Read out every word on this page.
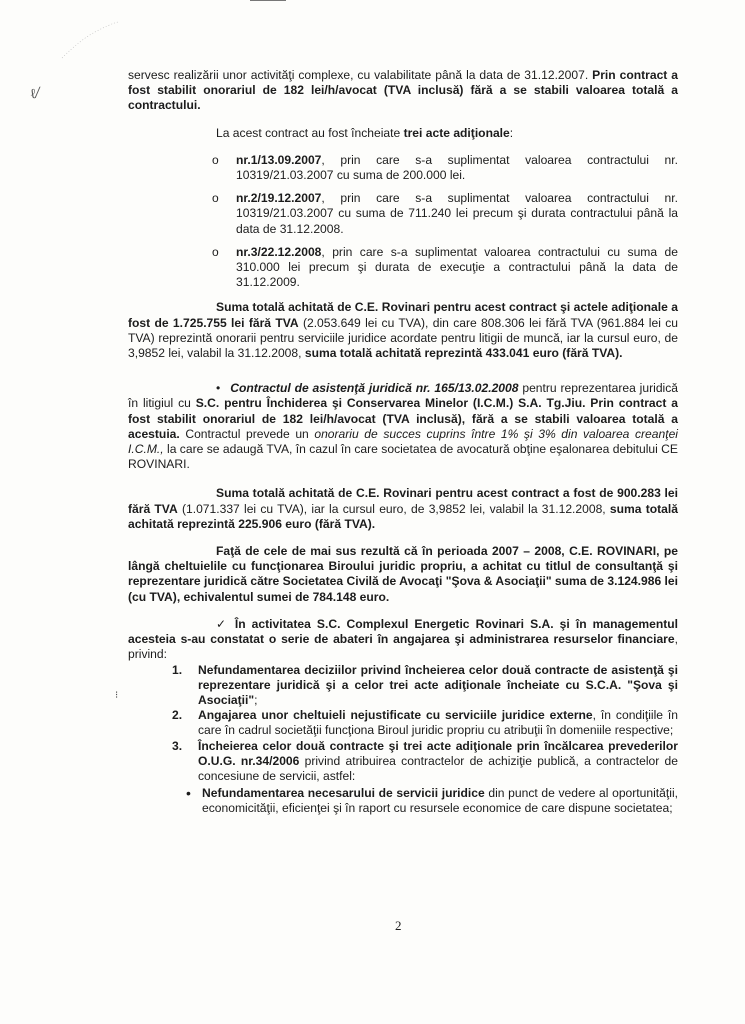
ℓ⁄
⁝

servesc realizării unor activităţi complexe, cu valabilitate până la data de 31.12.2007. Prin contract a fost stabilit onorariul de 182 lei/h/avocat (TVA inclusă) fără a se stabili valoarea totală a contractului.

La acest contract au fost încheiate trei acte adiţionale:

o	nr.1/13.09.2007, prin care s-a suplimentat valoarea contractului nr. 10319/21.03.2007 cu suma de 200.000 lei.
o	nr.2/19.12.2007, prin care s-a suplimentat valoarea contractului nr. 10319/21.03.2007 cu suma de 711.240 lei precum şi durata contractului până la data de 31.12.2008.
o	nr.3/22.12.2008, prin care s-a suplimentat valoarea contractului cu suma de 310.000 lei precum şi durata de execuţie a contractului până la data de 31.12.2009.

Suma totală achitată de C.E. Rovinari pentru acest contract şi actele adiţionale a fost de 1.725.755 lei fără TVA (2.053.649 lei cu TVA), din care 808.306 lei fără TVA (961.884 lei cu TVA) reprezintă onorarii pentru serviciile juridice acordate pentru litigii de muncă, iar la cursul euro, de 3,9852 lei, valabil la 31.12.2008, suma totală achitată reprezintă 433.041 euro (fără TVA).

• Contractul de asistenţă juridică nr. 165/13.02.2008 pentru reprezentarea juridică în litigiul cu S.C. pentru Închiderea şi Conservarea Minelor (I.C.M.) S.A. Tg.Jiu. Prin contract a fost stabilit onorariul de 182 lei/h/avocat (TVA inclusă), fără a se stabili valoarea totală a acestuia. Contractul prevede un onorariu de succes cuprins între 1% şi 3% din valoarea creanţei I.C.M., la care se adaugă TVA, în cazul în care societatea de avocatură obţine eşalonarea debitului CE ROVINARI.

Suma totală achitată de C.E. Rovinari pentru acest contract a fost de 900.283 lei fără TVA (1.071.337 lei cu TVA), iar la cursul euro, de 3,9852 lei, valabil la 31.12.2008, suma totală achitată reprezintă 225.906 euro (fără TVA).

Faţă de cele de mai sus rezultă că în perioada 2007 – 2008, C.E. ROVINARI, pe lângă cheltuielile cu funcţionarea Biroului juridic propriu, a achitat cu titlul de consultanţă şi reprezentare juridică către Societatea Civilă de Avocaţi "Şova & Asociaţii" suma de 3.124.986 lei (cu TVA), echivalentul sumei de 784.148 euro.

✓ În activitatea S.C. Complexul Energetic Rovinari S.A. şi în managementul acesteia s-au constatat o serie de abateri în angajarea şi administrarea resurselor financiare, privind:

1.	Nefundamentarea deciziilor privind încheierea celor două contracte de asistenţă şi reprezentare juridică şi a celor trei acte adiţionale încheiate cu S.C.A. "Şova şi Asociaţii";
2.	Angajarea unor cheltuieli nejustificate cu serviciile juridice externe, în condiţiile în care în cadrul societăţii funcţiona Biroul juridic propriu cu atribuţii în domeniile respective;
3.	Încheierea celor două contracte şi trei acte adiţionale prin încălcarea prevederilor O.U.G. nr.34/2006 privind atribuirea contractelor de achiziţie publică, a contractelor de concesiune de servicii, astfel:
• Nefundamentarea necesarului de servicii juridice din punct de vedere al oportunităţii, economicităţii, eficienţei şi în raport cu resursele economice de care dispune societatea;
2
